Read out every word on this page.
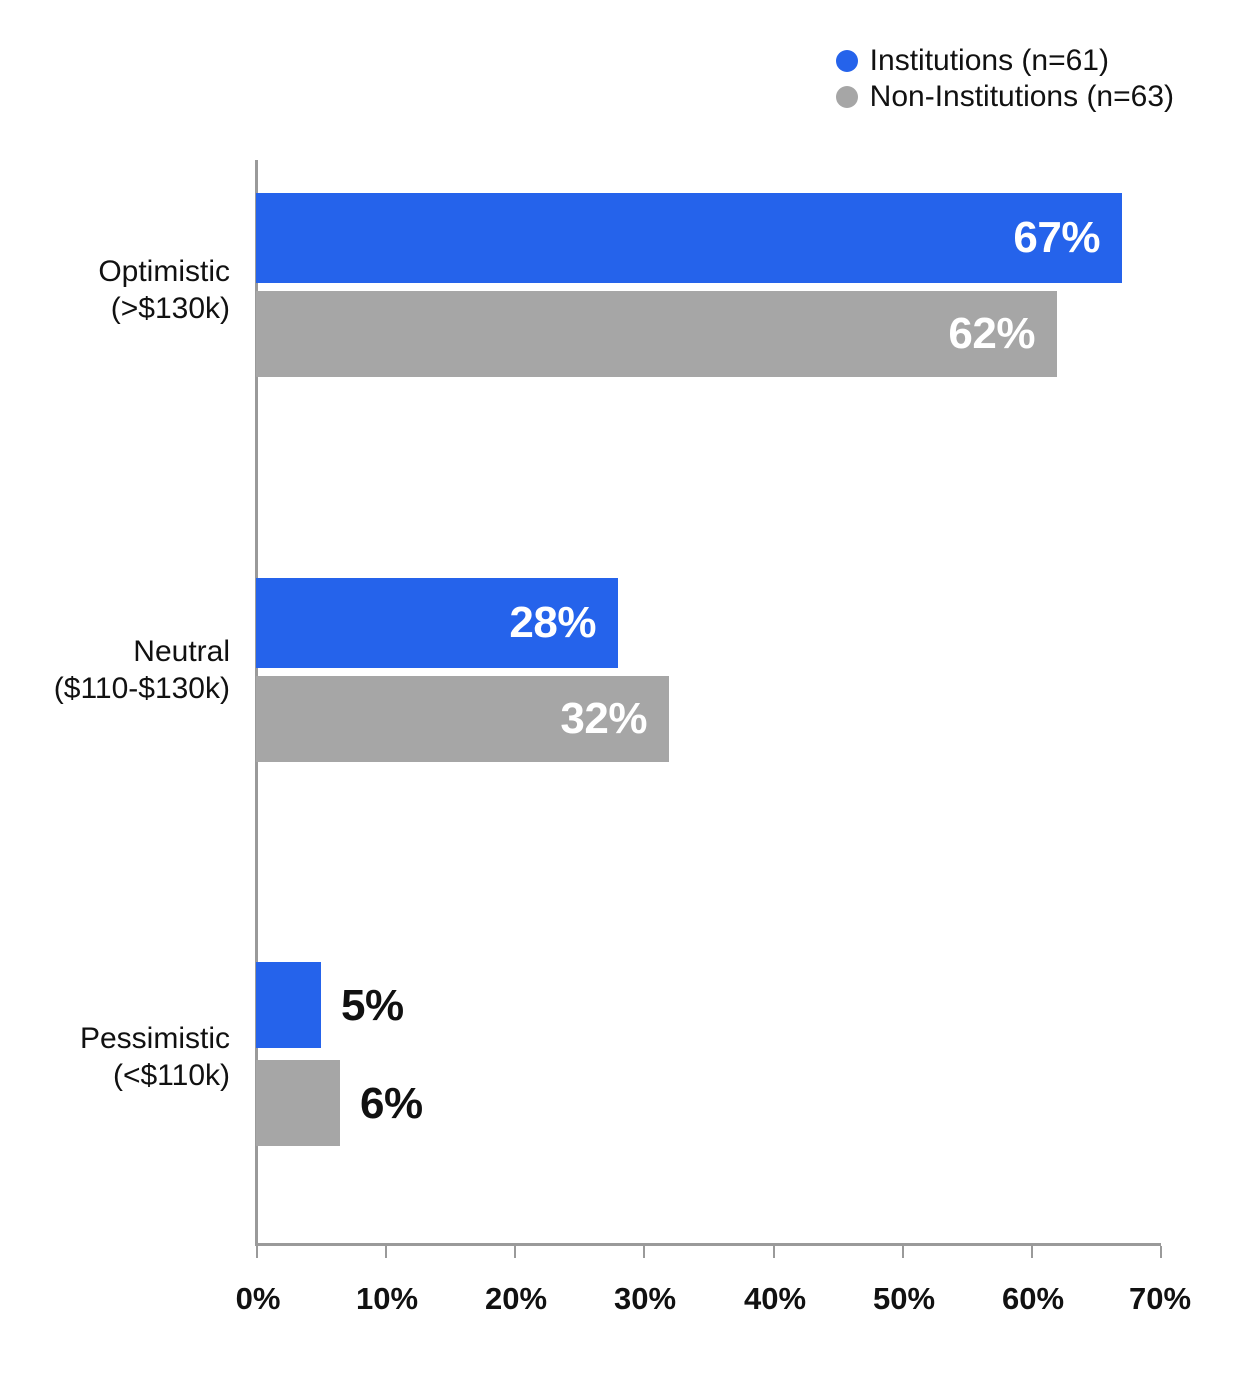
Institutions (n=61)
Non-Institutions (n=63)
0% 10% 20% 30% 40% 50% 60% 70%
Optimistic
(>$130k)
Neutral
($110-$130k)
Pessimistic
(<$110k)
67%
62%
28%
32%
5%
6%
